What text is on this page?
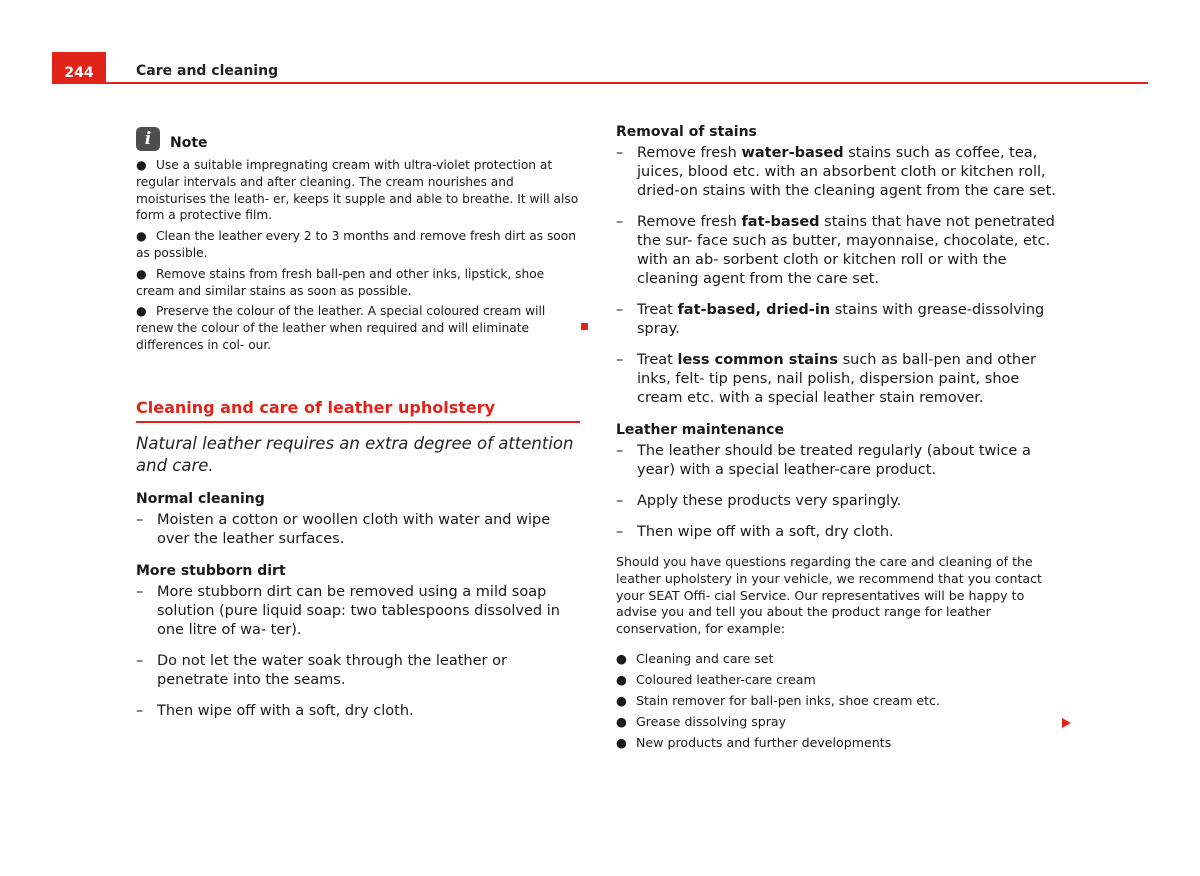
244	Care and cleaning
i	Note
● Use a suitable impregnating cream with ultra-violet protection at regular intervals and after cleaning. The cream nourishes and moisturises the leath- er, keeps it supple and able to breathe. It will also form a protective film.
● Clean the leather every 2 to 3 months and remove fresh dirt as soon as possible.
● Remove stains from fresh ball-pen and other inks, lipstick, shoe cream and similar stains as soon as possible.
● Preserve the colour of the leather. A special coloured cream will renew the colour of the leather when required and will eliminate differences in col- our.
Cleaning and care of leather upholstery
Natural leather requires an extra degree of attention and care.
Normal cleaning
– Moisten a cotton or woollen cloth with water and wipe over the leather surfaces.
More stubborn dirt
– More stubborn dirt can be removed using a mild soap solution (pure liquid soap: two tablespoons dissolved in one litre of wa- ter).
– Do not let the water soak through the leather or penetrate into the seams.
– Then wipe off with a soft, dry cloth.
Removal of stains
– Remove fresh water-based stains such as coffee, tea, juices, blood etc. with an absorbent cloth or kitchen roll, dried-on stains with the cleaning agent from the care set.
– Remove fresh fat-based stains that have not penetrated the sur- face such as butter, mayonnaise, chocolate, etc. with an ab- sorbent cloth or kitchen roll or with the cleaning agent from the care set.
– Treat fat-based, dried-in stains with grease-dissolving spray.
– Treat less common stains such as ball-pen and other inks, felt- tip pens, nail polish, dispersion paint, shoe cream etc. with a special leather stain remover.
Leather maintenance
– The leather should be treated regularly (about twice a year) with a special leather-care product.
– Apply these products very sparingly.
– Then wipe off with a soft, dry cloth.
Should you have questions regarding the care and cleaning of the leather upholstery in your vehicle, we recommend that you contact your SEAT Offi- cial Service. Our representatives will be happy to advise you and tell you about the product range for leather conservation, for example:
● Cleaning and care set
● Coloured leather-care cream
● Stain remover for ball-pen inks, shoe cream etc.
● Grease dissolving spray
● New products and further developments
